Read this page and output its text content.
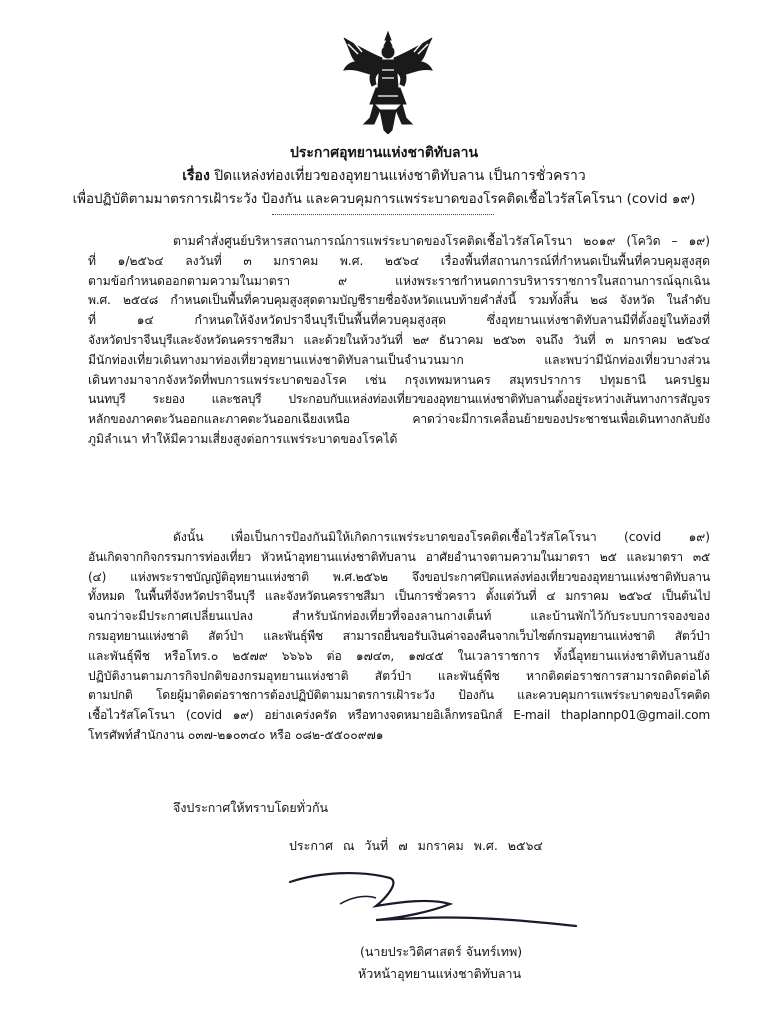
ประกาศอุทยานแห่งชาติทับลาน
เรื่อง ปิดแหล่งท่องเที่ยวของอุทยานแห่งชาติทับลาน เป็นการชั่วคราว
เพื่อปฏิบัติตามมาตรการเฝ้าระวัง ป้องกัน และควบคุมการแพร่ระบาดของโรคติดเชื้อไวรัสโคโรนา (covid ๑๙)
ตามคำสั่งศูนย์บริหารสถานการณ์การแพร่ระบาดของโรคติดเชื้อไวรัสโคโรนา ๒๐๑๙ (โควิด – ๑๙)
ที่ ๑/๒๕๖๔ ลงวันที่ ๓ มกราคม พ.ศ. ๒๕๖๔ เรื่องพื้นที่สถานการณ์ที่กำหนดเป็นพื้นที่ควบคุมสูงสุด
ตามข้อกำหนดออกตามความในมาตรา ๙ แห่งพระราชกำหนดการบริหารราชการในสถานการณ์ฉุกเฉิน
พ.ศ. ๒๕๔๘ กำหนดเป็นพื้นที่ควบคุมสูงสุดตามบัญชีรายชื่อจังหวัดแนบท้ายคำสั่งนี้ รวมทั้งสิ้น ๒๘ จังหวัด ในลำดับ
ที่ ๑๔ กำหนดให้จังหวัดปราจีนบุรีเป็นพื้นที่ควบคุมสูงสุด ซึ่งอุทยานแห่งชาติทับลานมีที่ตั้งอยู่ในท้องที่
จังหวัดปราจีนบุรีและจังหวัดนครราชสีมา และด้วยในห้วงวันที่ ๒๙ ธันวาคม ๒๕๖๓ จนถึง วันที่ ๓ มกราคม ๒๕๖๔
มีนักท่องเที่ยวเดินทางมาท่องเที่ยวอุทยานแห่งชาติทับลานเป็นจำนวนมาก และพบว่ามีนักท่องเที่ยวบางส่วน
เดินทางมาจากจังหวัดที่พบการแพร่ระบาดของโรค เช่น กรุงเทพมหานคร สมุทรปราการ ปทุมธานี นครปฐม
นนทบุรี ระยอง และชลบุรี ประกอบกับแหล่งท่องเที่ยวของอุทยานแห่งชาติทับลานตั้งอยู่ระหว่างเส้นทางการสัญจร
หลักของภาคตะวันออกและภาคตะวันออกเฉียงเหนือ คาดว่าจะมีการเคลื่อนย้ายของประชาชนเพื่อเดินทางกลับยัง
ภูมิลำเนา ทำให้มีความเสี่ยงสูงต่อการแพร่ระบาดของโรคได้
ดังนั้น เพื่อเป็นการป้องกันมิให้เกิดการแพร่ระบาดของโรคติดเชื้อไวรัสโคโรนา (covid ๑๙)
อันเกิดจากกิจกรรมการท่องเที่ยว หัวหน้าอุทยานแห่งชาติทับลาน อาศัยอำนาจตามความในมาตรา ๒๕ และมาตรา ๓๕
(๔) แห่งพระราชบัญญัติอุทยานแห่งชาติ พ.ศ.๒๕๖๒ จึงขอประกาศปิดแหล่งท่องเที่ยวของอุทยานแห่งชาติทับลาน
ทั้งหมด ในพื้นที่จังหวัดปราจีนบุรี และจังหวัดนครราชสีมา เป็นการชั่วคราว ตั้งแต่วันที่ ๔ มกราคม ๒๕๖๔ เป็นต้นไป
จนกว่าจะมีประกาศเปลี่ยนแปลง สำหรับนักท่องเที่ยวที่จองลานกางเต็นท์ และบ้านพักไว้กับระบบการจองของ
กรมอุทยานแห่งชาติ สัตว์ป่า และพันธุ์พืช สามารถยื่นขอรับเงินค่าจองคืนจากเว็บไซต์กรมอุทยานแห่งชาติ สัตว์ป่า
และพันธุ์พืช หรือโทร.๐ ๒๕๗๙ ๖๖๖๖ ต่อ ๑๗๔๓, ๑๗๔๕ ในเวลาราชการ ทั้งนี้อุทยานแห่งชาติทับลานยัง
ปฏิบัติงานตามภารกิจปกติของกรมอุทยานแห่งชาติ สัตว์ป่า และพันธุ์พืช หากติดต่อราชการสามารถติดต่อได้
ตามปกติ โดยผู้มาติดต่อราชการต้องปฏิบัติตามมาตรการเฝ้าระวัง ป้องกัน และควบคุมการแพร่ระบาดของโรคติด
เชื้อไวรัสโคโรนา (covid ๑๙) อย่างเคร่งครัด หรือทางจดหมายอิเล็กทรอนิกส์ E-mail thaplannp01@gmail.com
โทรศัพท์สำนักงาน ๐๓๗-๒๑๐๓๔๐ หรือ ๐๘๒-๕๕๐๐๙๗๑
จึงประกาศให้ทราบโดยทั่วกัน
ประกาศ ณ วันที่ ๗ มกราคม พ.ศ. ๒๕๖๔
(นายประวิติศาสตร์ จันทร์เทพ)
หัวหน้าอุทยานแห่งชาติทับลาน
